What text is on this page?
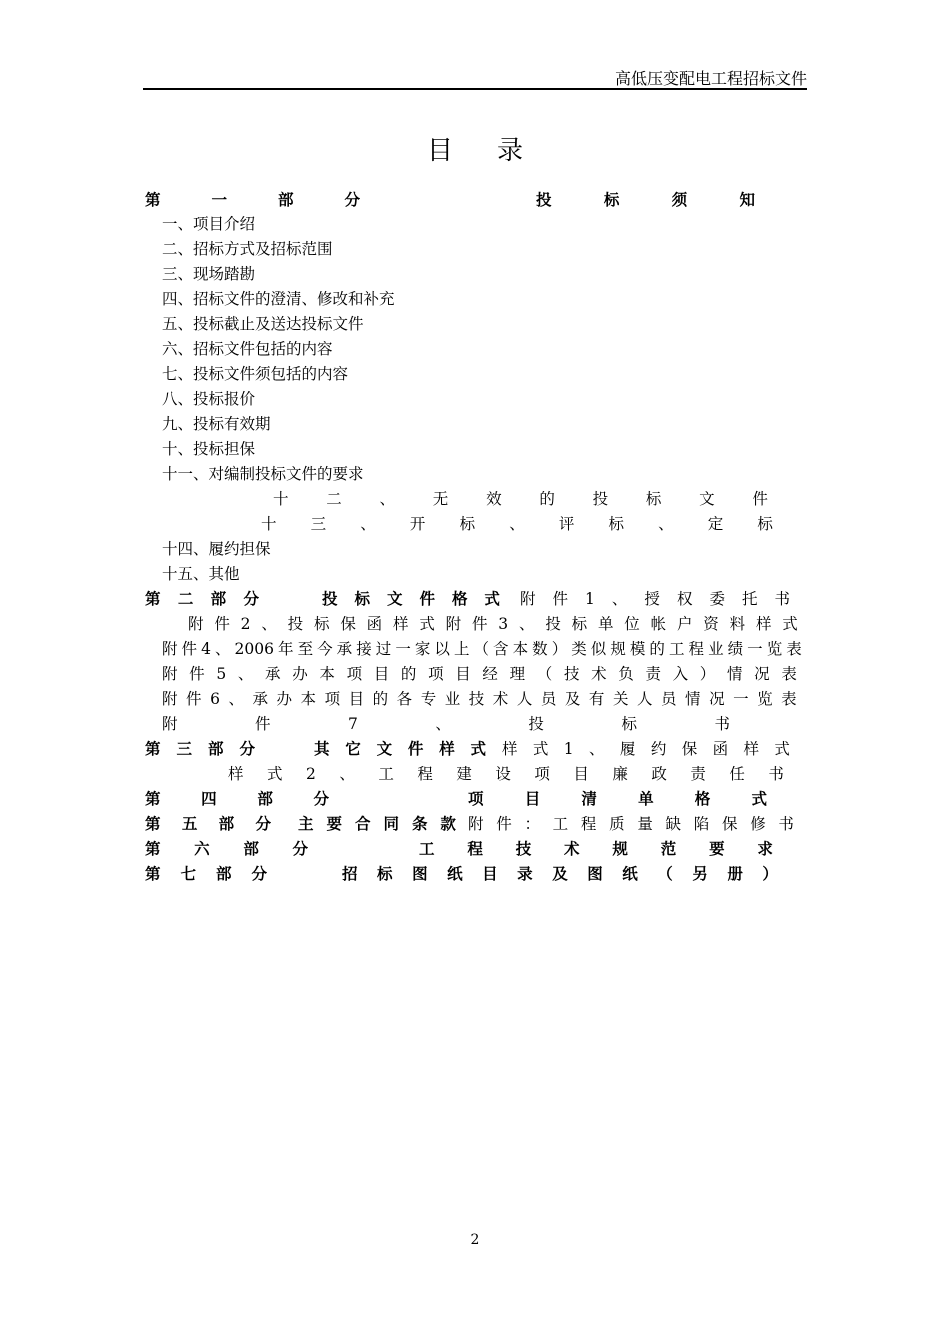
高低压变配电工程招标文件
目录
第	一	部	分	投	标	须	知
一、项目介绍
二、招标方式及招标范围
三、现场踏勘
四、招标文件的澄清、修改和补充
五、投标截止及送达投标文件
六、招标文件包括的内容
七、投标文件须包括的内容
八、投标报价
九、投标有效期
十、投标担保
十一、对编制投标文件的要求
十 二 、 无 效 的 投 标 文 件
十 三 、 开 标 、 评 标 、 定 标
十四、履约担保
十五、其他
第 二 部 分	投 标 文 件 格 式 附 件 1 、 授 权 委 托 书
附 件 2 、 投 标 保 函 样 式 附 件 3 、 投 标 单 位 帐 户 资 料 样 式
附 件 4 、 2006 年 至 今 承 接 过 一 家 以 上 （ 含 本 数 ） 类 似 规 模 的 工 程 业 绩 一 览 表
附 件 5 、 承 办 本 项 目 的 项 目 经 理 （ 技 术 负 责 入 ） 情 况 表
附 件 6 、 承 办 本 项 目 的 各 专 业 技 术 人 员 及 有 关 人 员 情 况 一 览 表
附	件	7	、	投	标	书
第 三 部 分	其 它 文 件 样 式 样 式 1 、 履 约 保 函 样 式
样 式 2 、 工 程 建 设 项 目 廉 政 责 任 书
第	四	部	分	项	目	清	单	格	式
第 五 部 分 主 要 合 同 条 款 附 件 ： 工 程 质 量 缺 陷 保 修 书
第 六 部 分	工 程 技 术 规 范 要 求
第 七 部 分	招 标 图 纸 目 录 及 图 纸 （ 另 册 ）
2
